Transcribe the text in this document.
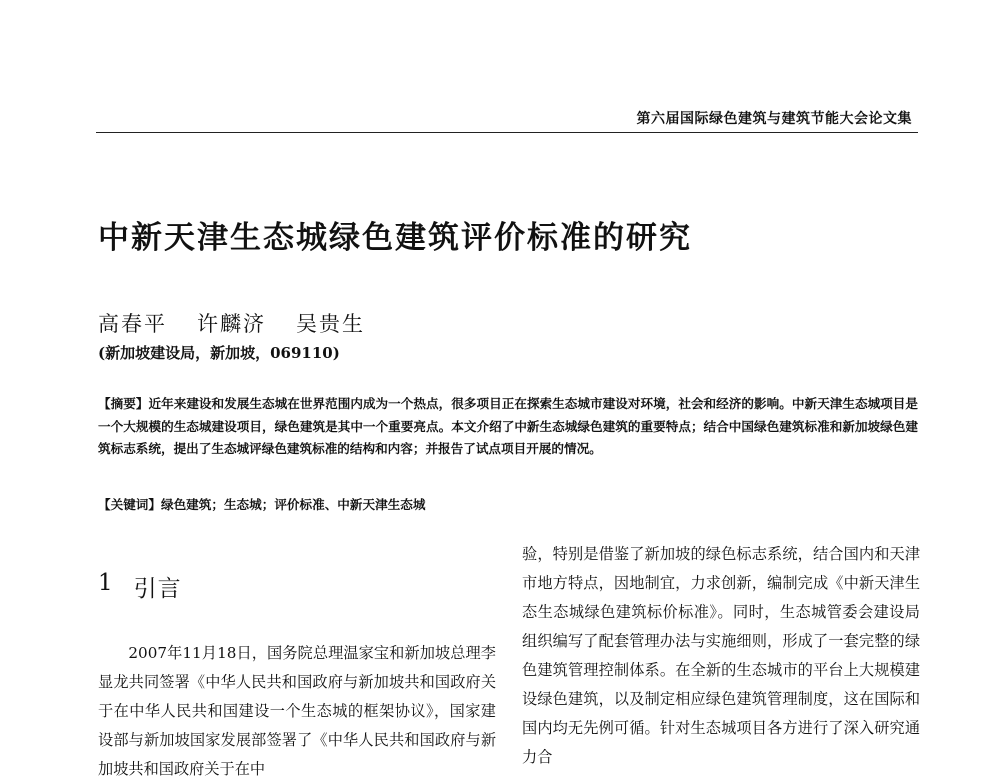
第六届国际绿色建筑与建筑节能大会论文集
中新天津生态城绿色建筑评价标准的研究
高春平 许麟济 吴贵生

(新加坡建设局，新加坡，069110)

【摘要】近年来建设和发展生态城在世界范围内成为一个热点，很多项目正在探索生态城市建设对环境，社会和经济的影响。中新天津生态城项目是一个大规模的生态城建设项目，绿色建筑是其中一个重要亮点。本文介绍了中新生态城绿色建筑的重要特点；结合中国绿色建筑标准和新加坡绿色建筑标志系统，提出了生态城评绿色建筑标准的结构和内容；并报告了试点项目开展的情况。

【关键词】绿色建筑；生态城；评价标准、中新天津生态城

1 引言

2007年11月18日，国务院总理温家宝和新加坡总理李显龙共同签署《中华人民共和国政府与新加坡共和国政府关于在中华人民共和国建设一个生态城的框架协议》，国家建设部与新加坡国家发展部签署了《中华人民共和国政府与新加坡共和国政府关于在中

验，特别是借鉴了新加坡的绿色标志系统，结合国内和天津市地方特点，因地制宜，力求创新，编制完成《中新天津生态生态城绿色建筑标价标准》。同时，生态城管委会建设局组织编写了配套管理办法与实施细则，形成了一套完整的绿色建筑管理控制体系。在全新的生态城市的平台上大规模建设绿色建筑，以及制定相应绿色建筑管理制度，这在国际和国内均无先例可循。针对生态城项目各方进行了深入研究通力合
